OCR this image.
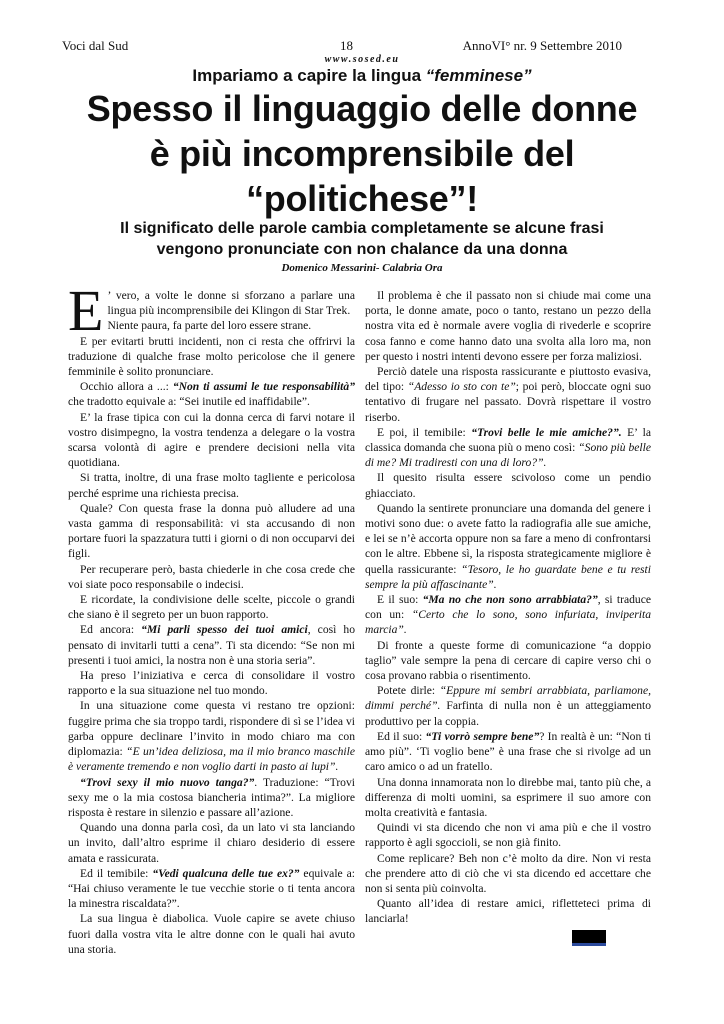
Voci dal Sud	18	AnnoVI° nr. 9 Settembre 2010
www.sosed.eu
Impariamo a capire la lingua “femminese”
Spesso il linguaggio delle donne
è più incomprensibile del
“politichese”!
Il significato delle parole cambia completamente se alcune frasi
vengono pronunciate con non chalance da una donna
Domenico Messarini- Calabria Ora

E ’ vero, a volte le donne si sforzano a parlare una lingua più incomprensibile dei Klingon di Star Trek.

Niente paura, fa parte del loro essere strane.

E per evitarti brutti incidenti, non ci resta che offrirvi la traduzione di qualche frase molto pericolose che il genere femminile è solito pronunciare.

Occhio allora a ...: “Non ti assumi le tue responsabilità” che tradotto equivale a: “Sei inutile ed inaffidabile”.

E’ la frase tipica con cui la donna cerca di farvi notare il vostro disimpegno, la vostra tendenza a delegare o la vostra scarsa volontà di agire e prendere decisioni nella vita quotidiana.

Si tratta, inoltre, di una frase molto tagliente e pericolosa perché esprime una richiesta precisa.

Quale? Con questa frase la donna può alludere ad una vasta gamma di responsabilità: vi sta accusando di non portare fuori la spazzatura tutti i giorni o di non occuparvi dei figli.

Per recuperare però, basta chiederle in che cosa crede che voi siate poco responsabile o indecisi.

E ricordate, la condivisione delle scelte, piccole o grandi che siano è il segreto per un buon rapporto.

Ed ancora: “Mi parli spesso dei tuoi amici, così ho pensato di invitarli tutti a cena”. Ti sta dicendo: “Se non mi presenti i tuoi amici, la nostra non è una storia seria”.

Ha preso l’iniziativa e cerca di consolidare il vostro rapporto e la sua situazione nel tuo mondo.

In una situazione come questa vi restano tre opzioni: fuggire prima che sia troppo tardi, rispondere di sì se l’idea vi garba oppure declinare l’invito in modo chiaro ma con diplomazia: “E un’idea deliziosa, ma il mio branco maschile è veramente tremendo e non voglio darti in pasto ai lupi”.

“Trovi sexy il mio nuovo tanga?”. Traduzione: “Trovi sexy me o la mia costosa biancheria intima?”. La migliore risposta è restare in silenzio e passare all’azione.

Quando una donna parla così, da un lato vi sta lanciando un invito, dall’altro esprime il chiaro desiderio di essere amata e rassicurata.

Ed il temibile: “Vedi qualcuna delle tue ex?” equivale a: “Hai chiuso veramente le tue vecchie storie o ti tenta ancora la minestra riscaldata?”.

La sua lingua è diabolica. Vuole capire se avete chiuso fuori dalla vostra vita le altre donne con le quali hai avuto una storia.

Il problema è che il passato non si chiude mai come una porta, le donne amate, poco o tanto, restano un pezzo della nostra vita ed è normale avere voglia di rivederle e scoprire cosa fanno e come hanno dato una svolta alla loro ma, non per questo i nostri intenti devono essere per forza maliziosi.

Perciò datele una risposta rassicurante e piuttosto evasiva, del tipo: “Adesso io sto con te”; poi però, bloccate ogni suo tentativo di frugare nel passato. Dovrà rispettare il vostro riserbo.

E poi, il temibile: “Trovi belle le mie amiche?”. E’ la classica domanda che suona più o meno così: “Sono più belle di me? Mi tradiresti con una di loro?”.

Il quesito risulta essere scivoloso come un pendio ghiacciato.

Quando la sentirete pronunciare una domanda del genere i motivi sono due: o avete fatto la radiografia alle sue amiche, e lei se n’è accorta oppure non sa fare a meno di confrontarsi con le altre. Ebbene sì, la risposta strategicamente migliore è quella rassicurante: “Tesoro, le ho guardate bene e tu resti sempre la più affascinante”.

E il suo: “Ma no che non sono arrabbiata?”, si traduce con un: “Certo che lo sono, sono infuriata, inviperita marcia”.

Di fronte a queste forme di comunicazione “a doppio taglio” vale sempre la pena di cercare di capire verso chi o cosa provano rabbia o risentimento.

Potete dirle: “Eppure mi sembri arrabbiata, parliamone, dimmi perché”. Farfinta di nulla non è un atteggiamento produttivo per la coppia.

Ed il suo: “Ti vorrò sempre bene”? In realtà è un: “Non ti amo più”. ‘Ti voglio bene” è una frase che si rivolge ad un caro amico o ad un fratello.

Una donna innamorata non lo direbbe mai, tanto più che, a differenza di molti uomini, sa esprimere il suo amore con molta creatività e fantasia.

Quindi vi sta dicendo che non vi ama più e che il vostro rapporto è agli sgoccioli, se non già finito.

Come replicare? Beh non c’è molto da dire. Non vi resta che prendere atto di ciò che vi sta dicendo ed accettare che non si senta più coinvolta.

Quanto all’idea di restare amici, rifletteteci prima di lanciarla!
